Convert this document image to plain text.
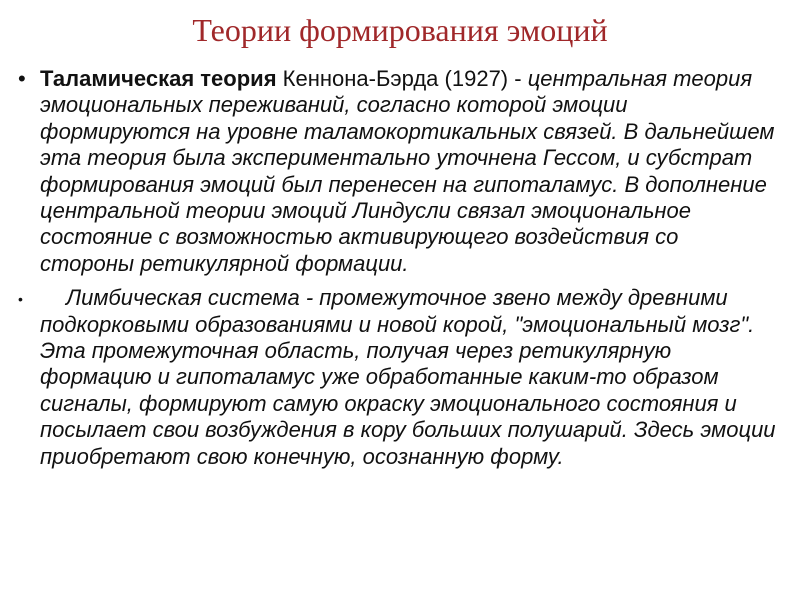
Теории формирования эмоций
• Таламическая теория Кеннона-Бэрда (1927) - центральная теория эмоциональных переживаний, согласно которой эмоции формируются на уровне таламокортикальных связей. В дальнейшем эта теория была экспериментально уточнена Гессом, и субстрат формирования эмоций был перенесен на гипоталамус. В дополнение центральной теории эмоций Линдусли связал эмоциональное состояние с возможностью активирующего воздействия со стороны ретикулярной формации.
• Лимбическая система - промежуточное звено между древними подкорковыми образованиями и новой корой, "эмоциональный мозг". Эта промежуточная область, получая через ретикулярную формацию и гипоталамус уже обработанные каким-то образом сигналы, формируют самую окраску эмоционального состояния и посылает свои возбуждения в кору больших полушарий. Здесь эмоции приобретают свою конечную, осознанную форму.
